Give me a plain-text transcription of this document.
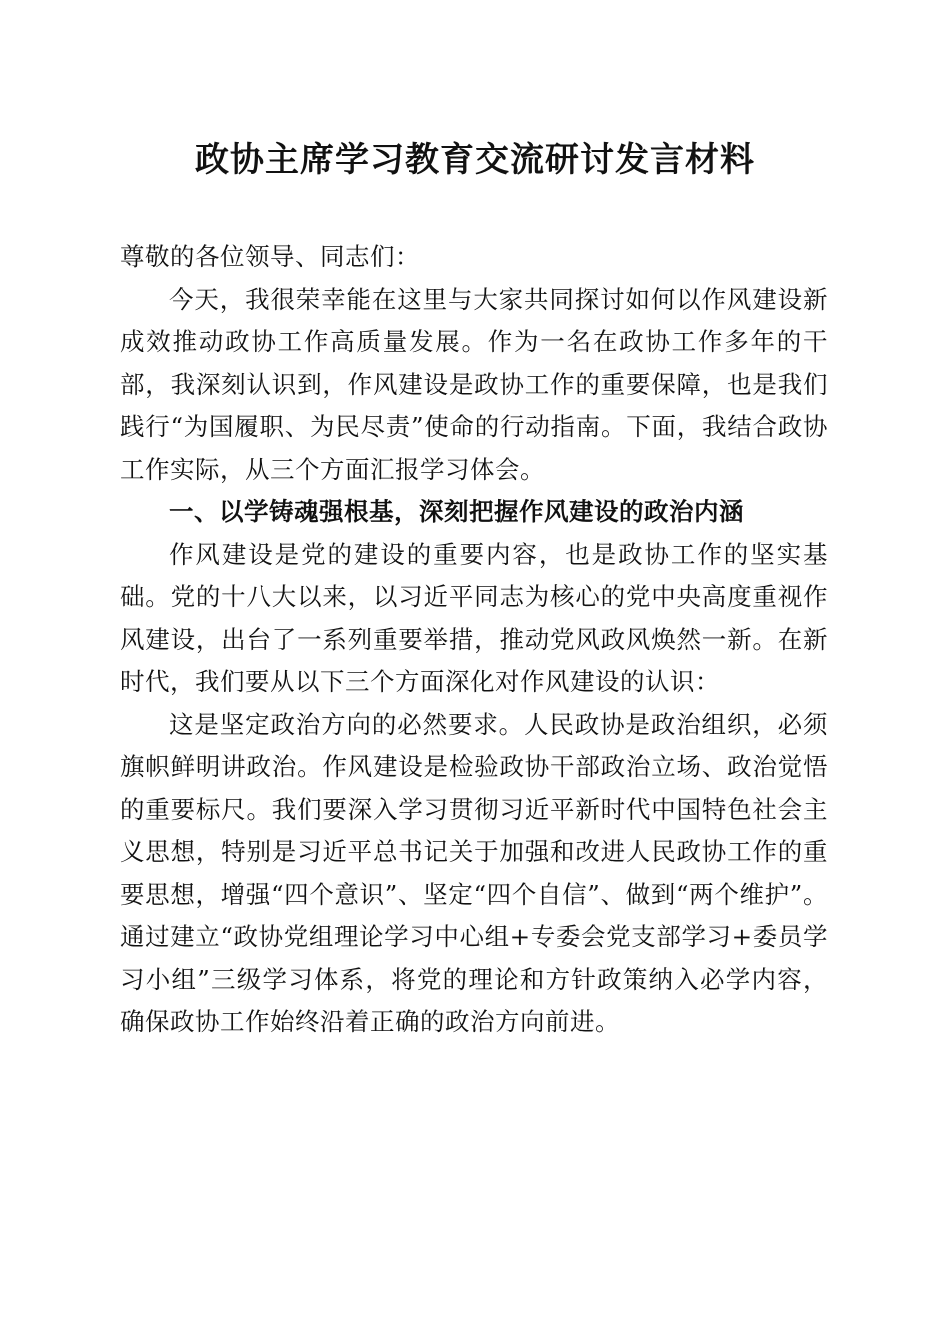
政协主席学习教育交流研讨发言材料

尊敬的各位领导、同志们：

今天，我很荣幸能在这里与大家共同探讨如何以作风建设新成效推动政协工作高质量发展。作为一名在政协工作多年的干部，我深刻认识到，作风建设是政协工作的重要保障，也是我们践行“为国履职、为民尽责”使命的行动指南。下面，我结合政协工作实际，从三个方面汇报学习体会。

一、以学铸魂强根基，深刻把握作风建设的政治内涵

作风建设是党的建设的重要内容，也是政协工作的坚实基础。党的十八大以来，以习近平同志为核心的党中央高度重视作风建设，出台了一系列重要举措，推动党风政风焕然一新。在新时代，我们要从以下三个方面深化对作风建设的认识：

这是坚定政治方向的必然要求。人民政协是政治组织，必须旗帜鲜明讲政治。作风建设是检验政协干部政治立场、政治觉悟的重要标尺。我们要深入学习贯彻习近平新时代中国特色社会主义思想，特别是习近平总书记关于加强和改进人民政协工作的重要思想，增强“四个意识”、坚定“四个自信”、做到“两个维护”。通过建立“政协党组理论学习中心组+专委会党支部学习+委员学习小组”三级学习体系，将党的理论和方针政策纳入必学内容，确保政协工作始终沿着正确的政治方向前进。
